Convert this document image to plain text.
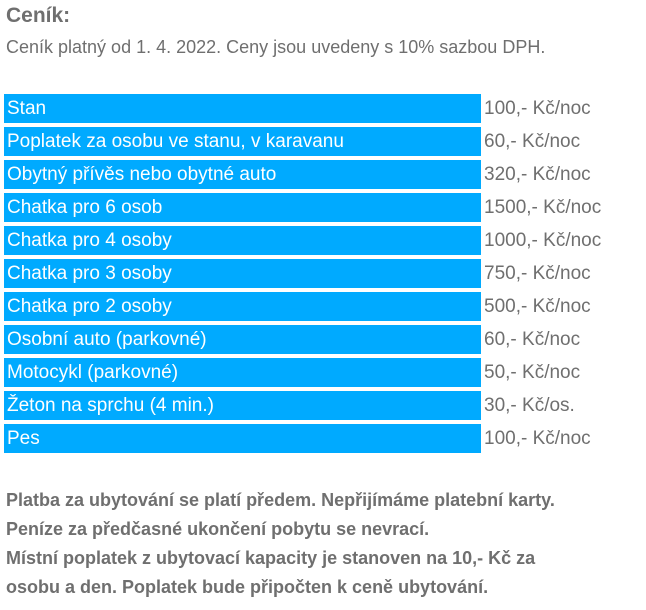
Ceník:
Ceník platný od 1. 4. 2022. Ceny jsou uvedeny s 10% sazbou DPH.
Stan	100,- Kč/noc
Poplatek za osobu ve stanu, v karavanu	60,- Kč/noc
Obytný přívěs nebo obytné auto	320,- Kč/noc
Chatka pro 6 osob	1500,- Kč/noc
Chatka pro 4 osoby	1000,- Kč/noc
Chatka pro 3 osoby	750,- Kč/noc
Chatka pro 2 osoby	500,- Kč/noc
Osobní auto (parkovné)	60,- Kč/noc
Motocykl (parkovné)	50,- Kč/noc
Žeton na sprchu (4 min.)	30,- Kč/os.
Pes	100,- Kč/noc
Platba za ubytování se platí předem. Nepřijímáme platební karty.
Peníze za předčasné ukončení pobytu se nevrací.
Místní poplatek z ubytovací kapacity je stanoven na 10,- Kč za
osobu a den. Poplatek bude připočten k ceně ubytování.
